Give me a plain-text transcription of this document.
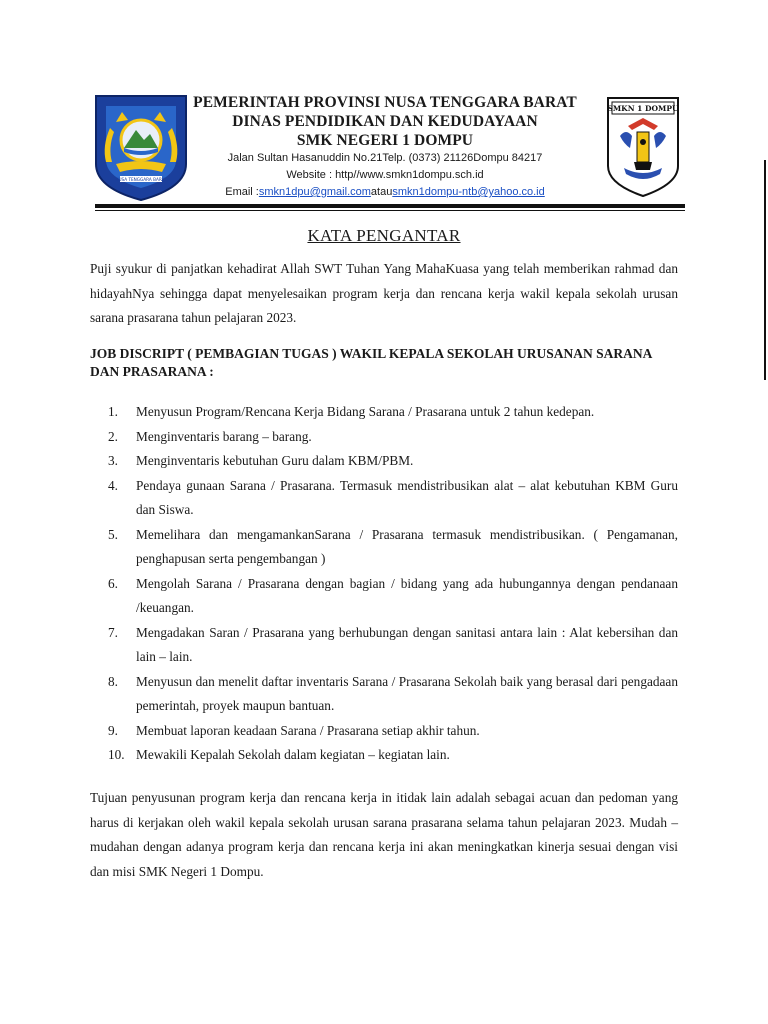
NUSA TENGGARA BARAT
PEMERINTAH PROVINSI NUSA TENGGARA BARAT
DINAS PENDIDIKAN DAN KEDUDAYAAN
SMK NEGERI 1 DOMPU
Jalan Sultan Hasanuddin No.21Telp. (0373) 21126Dompu 84217
Website : http//www.smkn1dompu.sch.id
Email :smkn1dpu@gmail.comatausmkn1dompu-ntb@yahoo.co.id
SMKN 1 DOMPU
KATA PENGANTAR
Puji syukur di panjatkan kehadirat Allah SWT Tuhan Yang MahaKuasa yang telah memberikan rahmad dan hidayahNya sehingga dapat menyelesaikan program kerja dan rencana kerja wakil kepala sekolah urusan sarana prasarana tahun pelajaran 2023.
JOB DISCRIPT ( PEMBAGIAN TUGAS ) WAKIL KEPALA SEKOLAH URUSANAN SARANA DAN PRASARANA :
1.	Menyusun Program/Rencana Kerja Bidang Sarana / Prasarana untuk 2 tahun kedepan.
2.	Menginventaris barang – barang.
3.	Menginventaris kebutuhan Guru dalam KBM/PBM.
4.	Pendaya gunaan Sarana / Prasarana. Termasuk mendistribusikan alat – alat kebutuhan KBM Guru dan Siswa.
5.	Memelihara dan mengamankanSarana / Prasarana termasuk mendistribusikan. ( Pengamanan, penghapusan serta pengembangan )
6.	Mengolah Sarana / Prasarana dengan bagian / bidang yang ada hubungannya dengan pendanaan /keuangan.
7.	Mengadakan Saran / Prasarana yang berhubungan dengan sanitasi antara lain : Alat kebersihan dan lain – lain.
8.	Menyusun dan menelit daftar inventaris Sarana / Prasarana Sekolah baik yang berasal dari pengadaan pemerintah, proyek maupun bantuan.
9.	Membuat laporan keadaan Sarana / Prasarana setiap akhir tahun.
10. Mewakili Kepalah Sekolah dalam kegiatan – kegiatan lain.
Tujuan penyusunan program kerja dan rencana kerja in itidak lain adalah sebagai acuan dan pedoman yang harus di kerjakan oleh wakil kepala sekolah urusan sarana prasarana selama tahun pelajaran 2023. Mudah – mudahan dengan adanya program kerja dan rencana kerja ini akan meningkatkan kinerja sesuai dengan visi dan misi SMK Negeri 1 Dompu.
